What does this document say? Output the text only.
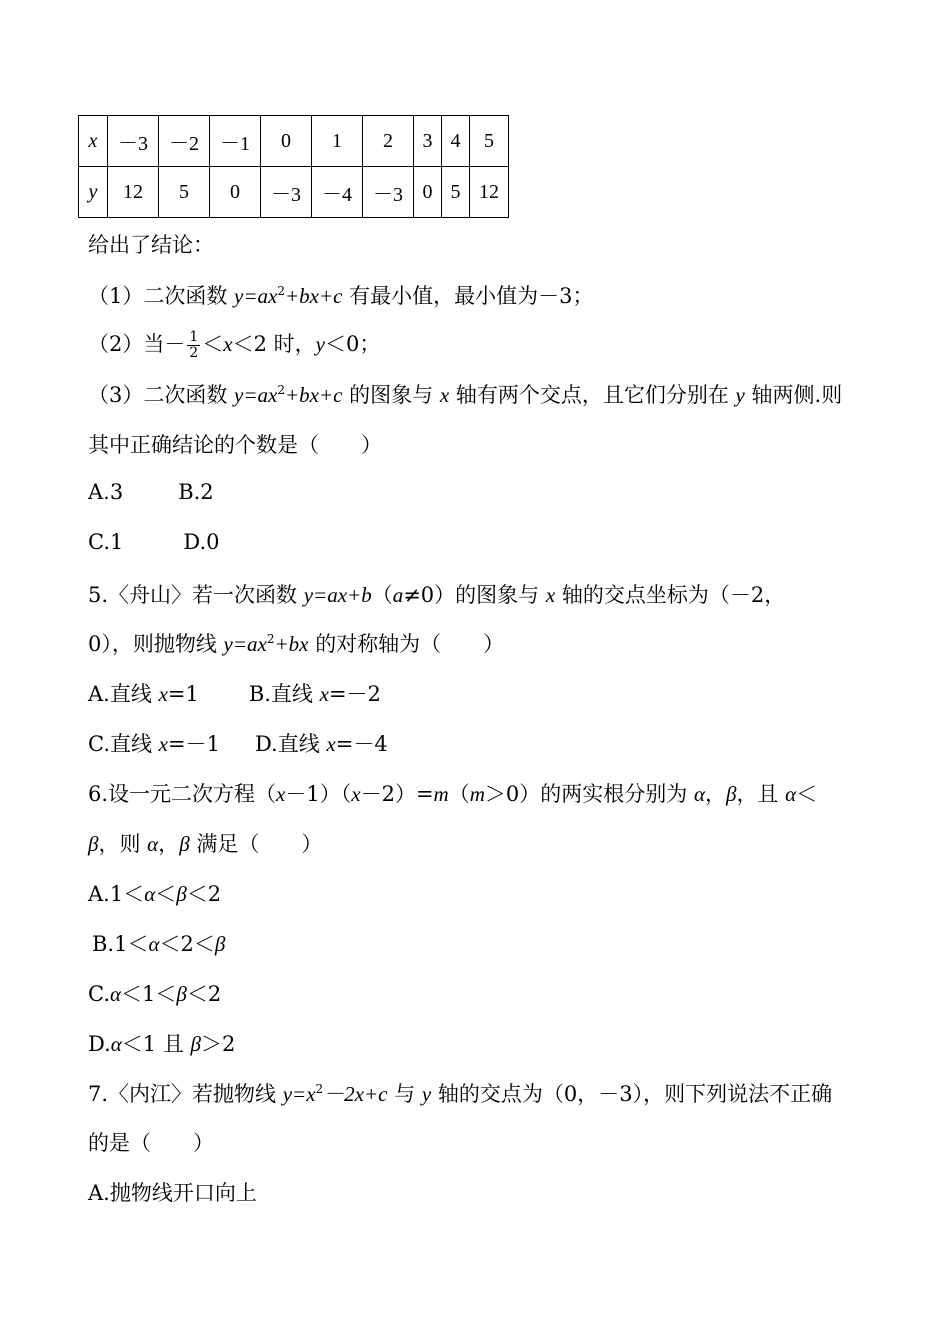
x	－3	－2	－1	0	1	2	3	4	5
y	12	5	0	－3	－4	－3	0	5	12
给出了结论：
（1）二次函数 $y=ax^2+bx+c$ 有最小值，最小值为－3；
（2）当－ $\frac{1}{2} <x<2$ 时，y＜0；
（3）二次函数 $y=ax^2+bx+c$ 的图象与 x 轴有两个交点，且它们分别在 y 轴两侧.则
其中正确结论的个数是（　　）
A.3	B.2
C.1	D.0
5.〈舟山〉若一次函数 y=ax+b（a≠0）的图象与 x 轴的交点坐标为（－2，
0），则抛物线 $y=ax^2+bx$ 的对称轴为（　　）
A.直线 x=1 B.直线 x=－2
C.直线 x=－1 D.直线 x=－4
6.设一元二次方程（x－1）（x－2）=m（m＞0）的两实根分别为 α，β，且 α＜
β，则 α，β 满足（　　）
A.1＜α＜β＜2
B.1＜α＜2＜β
C.α＜1＜β＜2
D.α＜1 且 β＞2
7.〈内江〉若抛物线 $y=x^2-2x+c$ 与 y 轴的交点为（0，－3），则下列说法不正确
的是（　　）
A.抛物线开口向上
